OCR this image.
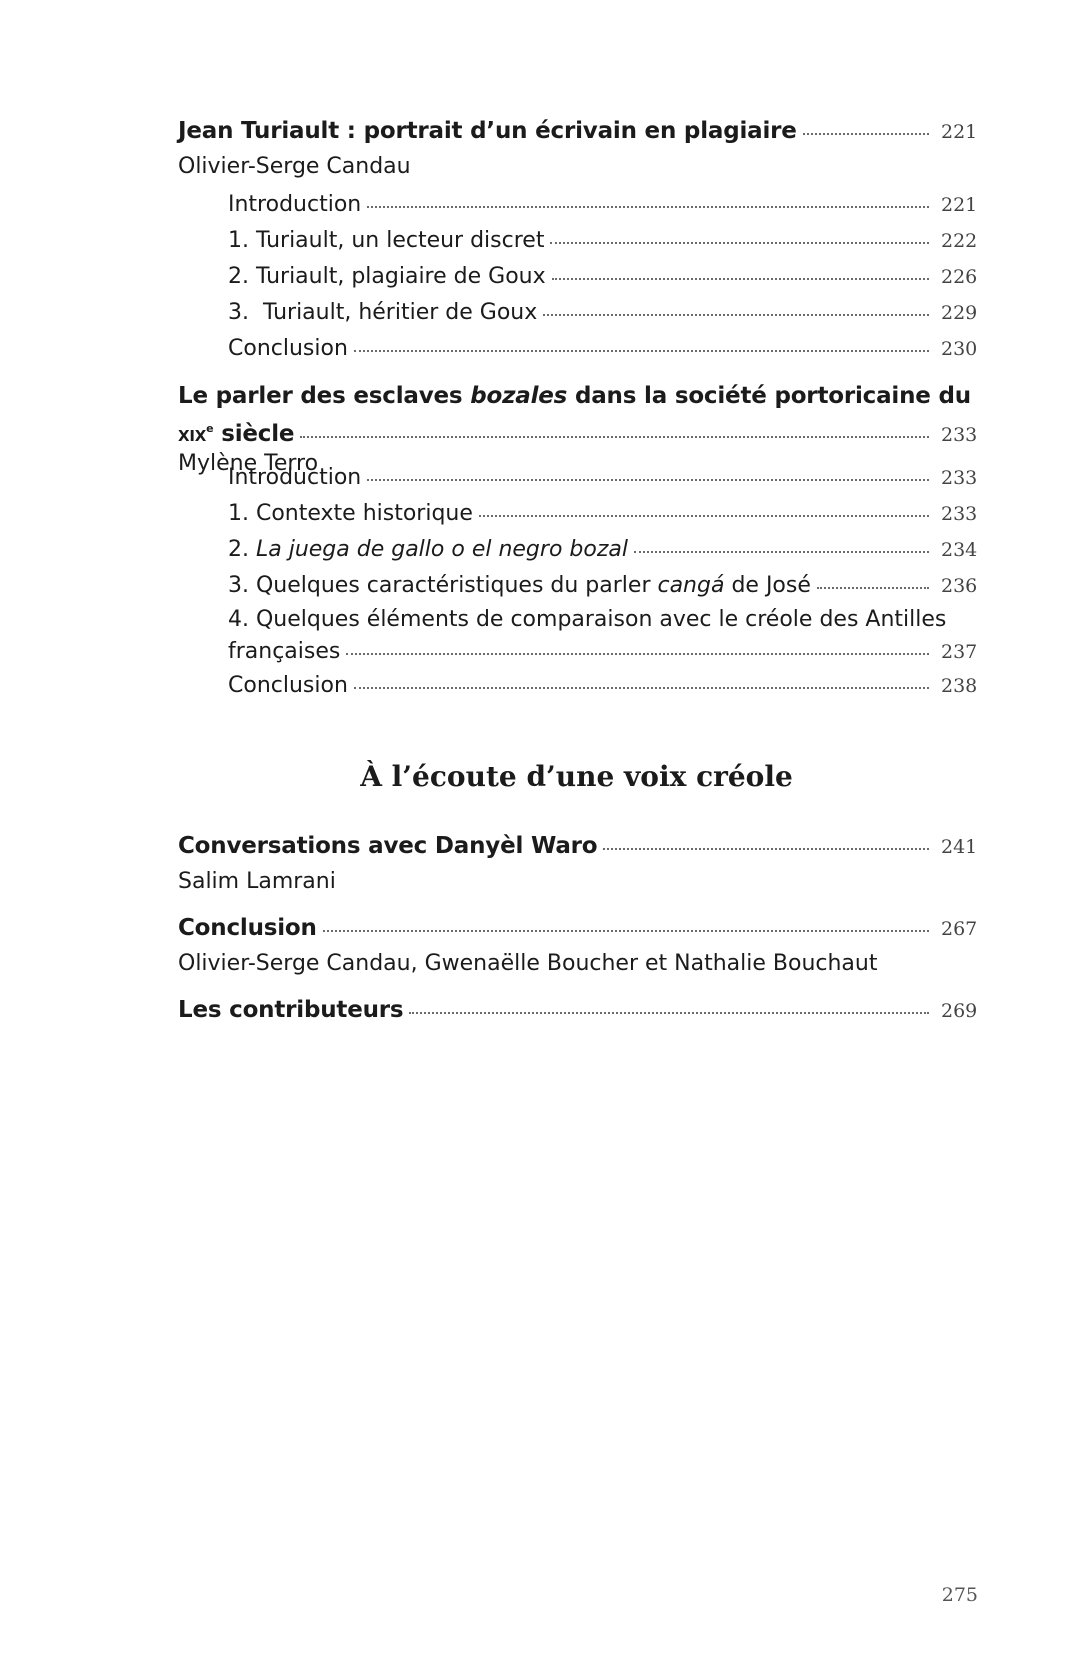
Jean Turiault : portrait d’un écrivain en plagiaire	221
Olivier-Serge Candau
Introduction	221
1. Turiault, un lecteur discret	222
2. Turiault, plagiaire de Goux	226
3.  Turiault, héritier de Goux	229
Conclusion	230
Le parler des esclaves bozales dans la société portoricaine du
xix$^e$ siècle	233
Mylène Terro
Introduction	233
1. Contexte historique	233
2. La juega de gallo o el negro bozal	234
3. Quelques caractéristiques du parler cangá de José	236
4. Quelques éléments de comparaison avec le créole des Antilles
françaises	237
Conclusion	238
Conversations avec Danyèl Waro	241
Salim Lamrani
Conclusion	267
Olivier-Serge Candau, Gwenaëlle Boucher et Nathalie Bouchaut
Les contributeurs	269
À l’écoute d’une voix créole
275
